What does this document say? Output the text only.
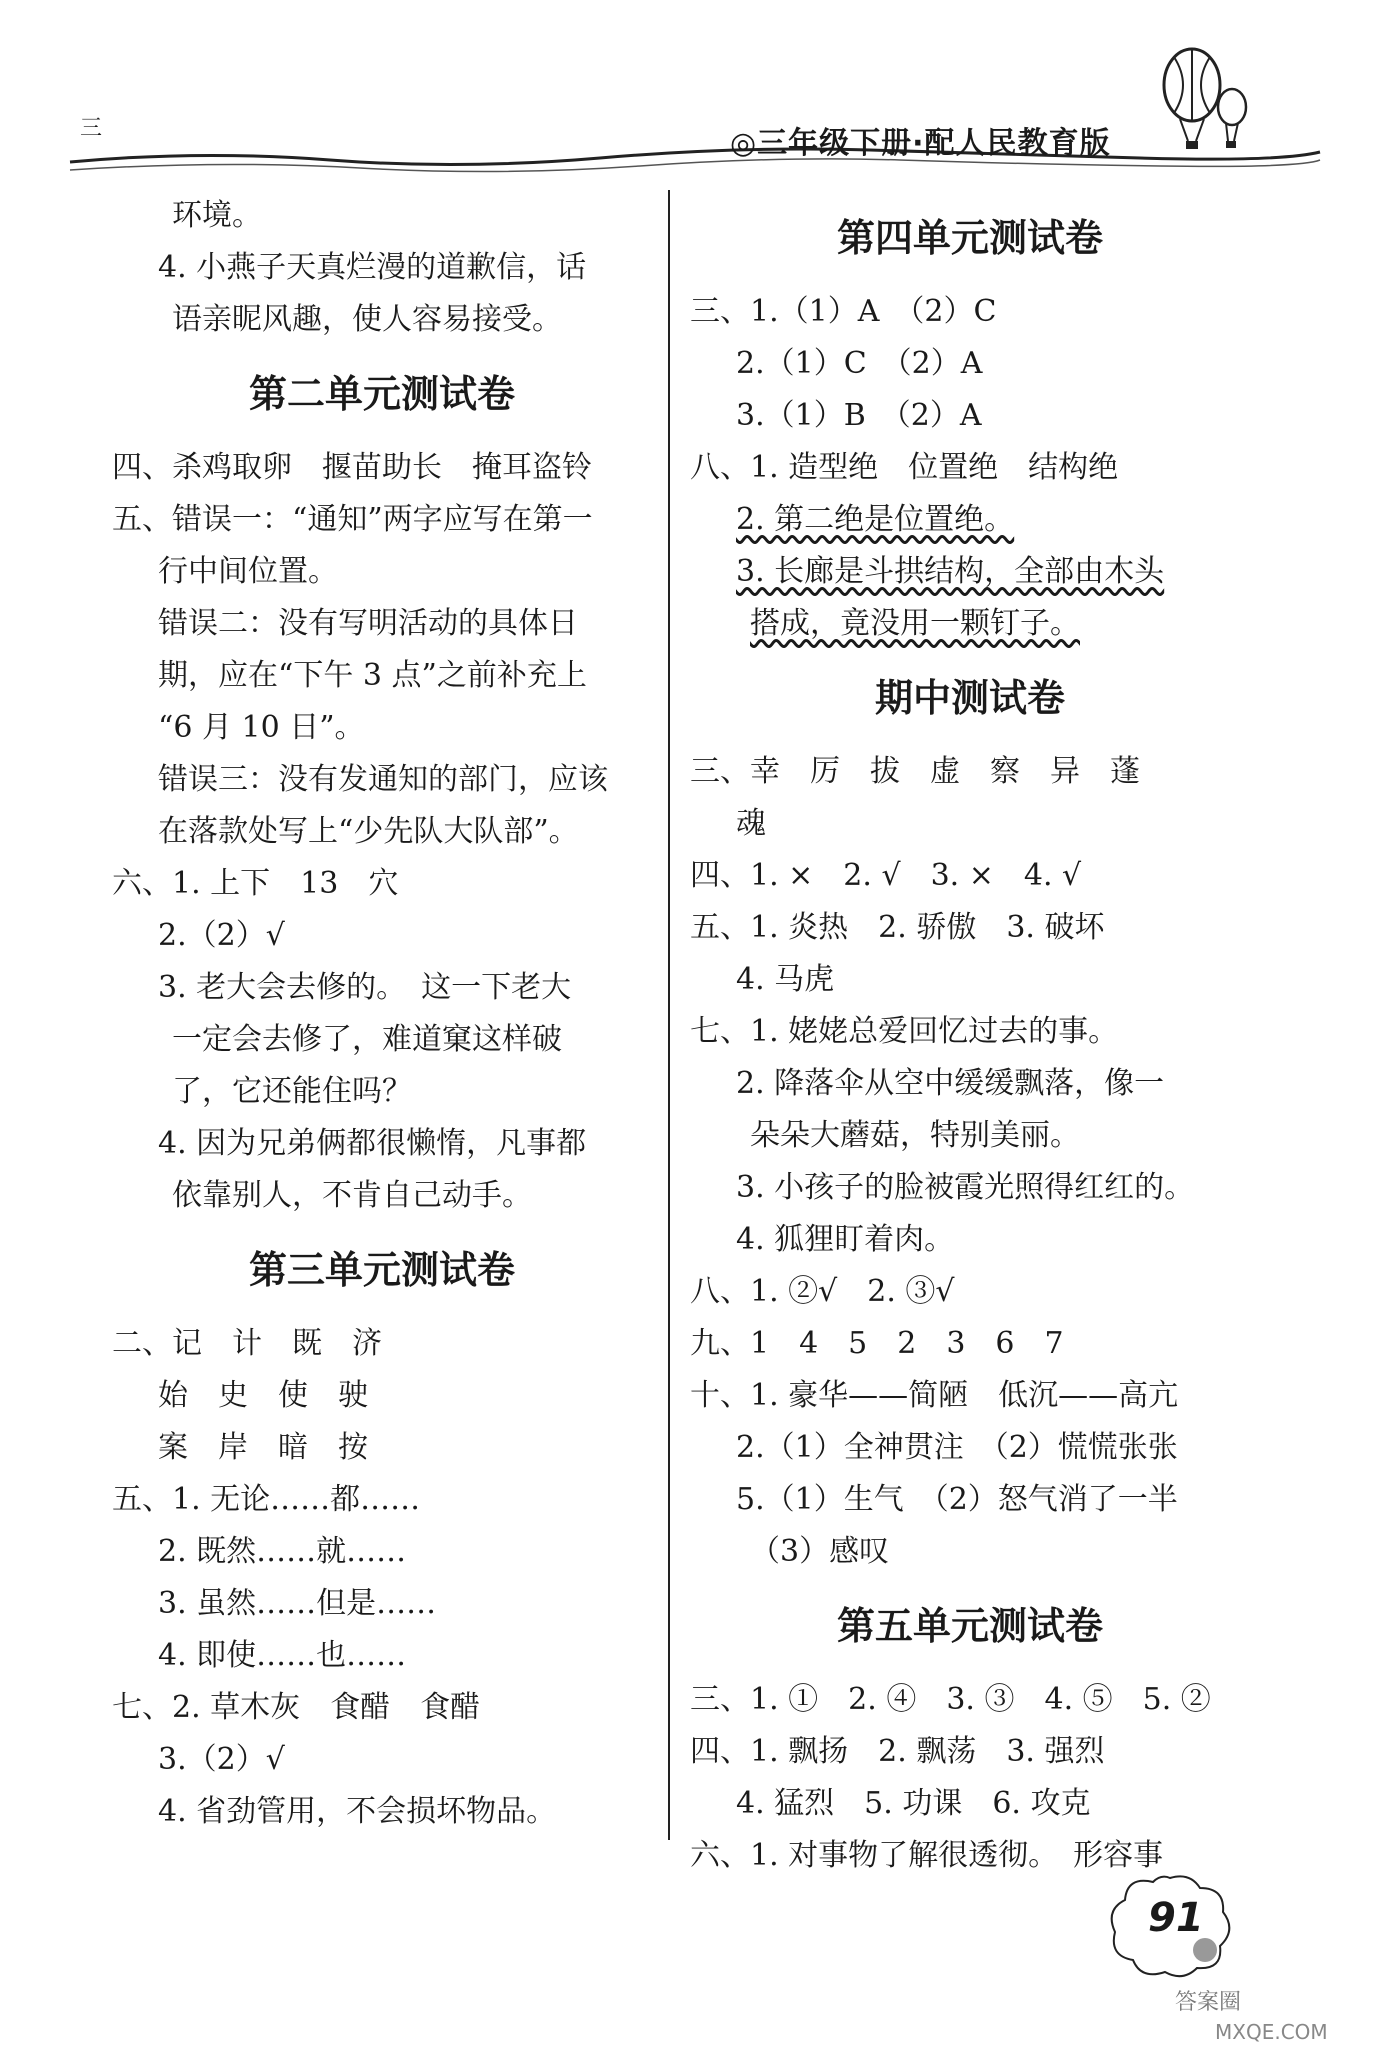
三	◎三年级下册·配人民教育版
环境。
4. 小燕子天真烂漫的道歉信，话
语亲昵风趣，使人容易接受。
第二单元测试卷
四、杀鸡取卵　揠苗助长　掩耳盗铃
五、错误一：“通知”两字应写在第一
行中间位置。
错误二：没有写明活动的具体日
期，应在“下午 3 点”之前补充上
“6 月 10 日”。
错误三：没有发通知的部门，应该
在落款处写上“少先队大队部”。
六、1. 上下　13　穴
2.（2）√
3. 老大会去修的。　这一下老大
一定会去修了，难道窠这样破
了，它还能住吗？
4. 因为兄弟俩都很懒惰，凡事都
依靠别人，不肯自己动手。
第三单元测试卷
二、记　计　既　济
始　史　使　驶
案　岸　暗　按
五、1. 无论……都……
2. 既然……就……
3. 虽然……但是……
4. 即使……也……
七、2. 草木灰　食醋　食醋
3.（2）√
4. 省劲管用，不会损坏物品。
第四单元测试卷
三、1.（1）A　（2）C
2.（1）C　（2）A
3.（1）B　（2）A
八、1. 造型绝　位置绝　结构绝
2. 第二绝是位置绝。
3. 长廊是斗拱结构，全部由木头
搭成，竟没用一颗钉子。
期中测试卷
三、幸　厉　拔　虚　察　异　蓬
魂
四、1. ×　2. √　3. ×　4. √
五、1. 炎热　2. 骄傲　3. 破坏
4. 马虎
七、1. 姥姥总爱回忆过去的事。
2. 降落伞从空中缓缓飘落，像一
朵朵大蘑菇，特别美丽。
3. 小孩子的脸被霞光照得红红的。
4. 狐狸盯着肉。
八、1. ②√　2. ③√
九、1　4　5　2　3　6　7
十、1. 豪华——简陋　低沉——高亢
2.（1）全神贯注　（2）慌慌张张
5.（1）生气　（2）怒气消了一半
（3）感叹
第五单元测试卷
三、1. ①　2. ④　3. ③　4. ⑤　5. ②
四、1. 飘扬　2. 飘荡　3. 强烈
4. 猛烈　5. 功课　6. 攻克
六、1. 对事物了解很透彻。　形容事
91
答案圈
MXQE.COM
